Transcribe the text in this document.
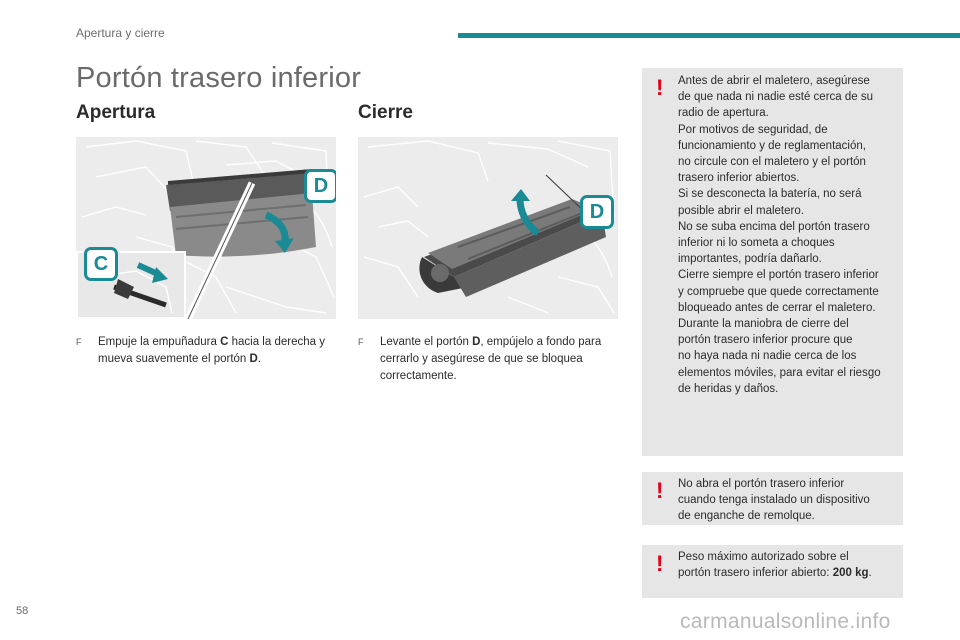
Apertura y cierre
Portón trasero inferior
Apertura	Cierre
C
D
D
F	Empuje la empuñadura C hacia la derecha y mueva suavemente el portón D.
F	Levante el portón D, empújelo a fondo para cerrarlo y asegúrese de que se bloquea correctamente.
! Antes de abrir el maletero, asegúrese
de que nada ni nadie esté cerca de su
radio de apertura.
Por motivos de seguridad, de
funcionamiento y de reglamentación,
no circule con el maletero y el portón
trasero inferior abiertos.
Si se desconecta la batería, no será
posible abrir el maletero.
No se suba encima del portón trasero
inferior ni lo someta a choques
importantes, podría dañarlo.
Cierre siempre el portón trasero inferior
y compruebe que quede correctamente
bloqueado antes de cerrar el maletero.
Durante la maniobra de cierre del
portón trasero inferior procure que
no haya nada ni nadie cerca de los
elementos móviles, para evitar el riesgo
de heridas y daños.
! No abra el portón trasero inferior
cuando tenga instalado un dispositivo
de enganche de remolque.
! Peso máximo autorizado sobre el
portón trasero inferior abierto: 200 kg.
58	carmanualsonline.info
